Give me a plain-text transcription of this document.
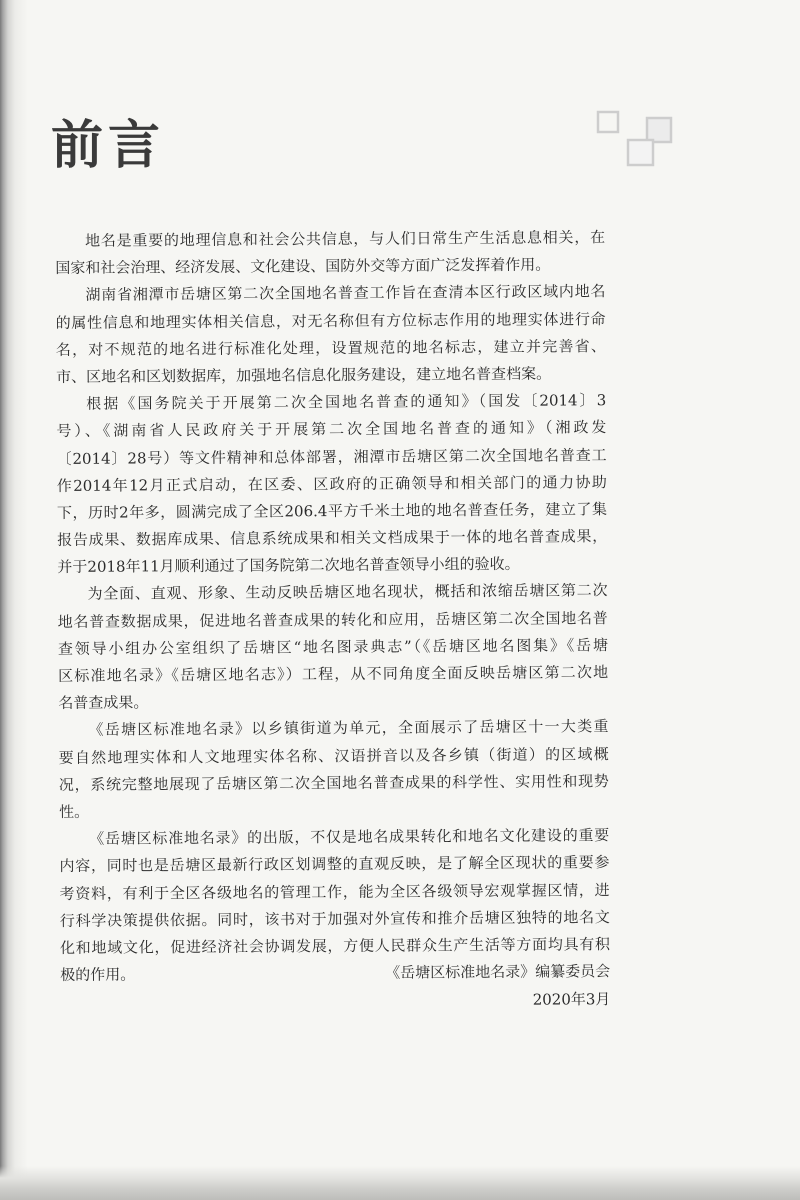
前言

地名是重要的地理信息和社会公共信息，与人们日常生产生活息息相关，在
国家和社会治理、经济发展、文化建设、国防外交等方面广泛发挥着作用。

湖南省湘潭市岳塘区第二次全国地名普查工作旨在查清本区行政区域内地名
的属性信息和地理实体相关信息，对无名称但有方位标志作用的地理实体进行命
名，对不规范的地名进行标准化处理，设置规范的地名标志，建立并完善省、
市、区地名和区划数据库，加强地名信息化服务建设，建立地名普查档案。

根据《国务院关于开展第二次全国地名普查的通知》（国发〔2014〕3
号）、《湖南省人民政府关于开展第二次全国地名普查的通知》（湘政发
〔2014〕28号）等文件精神和总体部署，湘潭市岳塘区第二次全国地名普查工
作2014年12月正式启动，在区委、区政府的正确领导和相关部门的通力协助
下，历时2年多，圆满完成了全区206.4平方千米土地的地名普查任务，建立了集
报告成果、数据库成果、信息系统成果和相关文档成果于一体的地名普查成果，
并于2018年11月顺利通过了国务院第二次地名普查领导小组的验收。

为全面、直观、形象、生动反映岳塘区地名现状，概括和浓缩岳塘区第二次
地名普查数据成果，促进地名普查成果的转化和应用，岳塘区第二次全国地名普
查领导小组办公室组织了岳塘区“地名图录典志”（《岳塘区地名图集》《岳塘
区标准地名录》《岳塘区地名志》）工程，从不同角度全面反映岳塘区第二次地
名普查成果。

《岳塘区标准地名录》以乡镇街道为单元，全面展示了岳塘区十一大类重
要自然地理实体和人文地理实体名称、汉语拼音以及各乡镇（街道）的区域概
况，系统完整地展现了岳塘区第二次全国地名普查成果的科学性、实用性和现势
性。

《岳塘区标准地名录》的出版，不仅是地名成果转化和地名文化建设的重要
内容，同时也是岳塘区最新行政区划调整的直观反映，是了解全区现状的重要参
考资料，有利于全区各级地名的管理工作，能为全区各级领导宏观掌握区情，进
行科学决策提供依据。同时，该书对于加强对外宣传和推介岳塘区独特的地名文
化和地域文化，促进经济社会协调发展，方便人民群众生产生活等方面均具有积
极的作用。	《岳塘区标准地名录》编纂委员会
2020年3月
